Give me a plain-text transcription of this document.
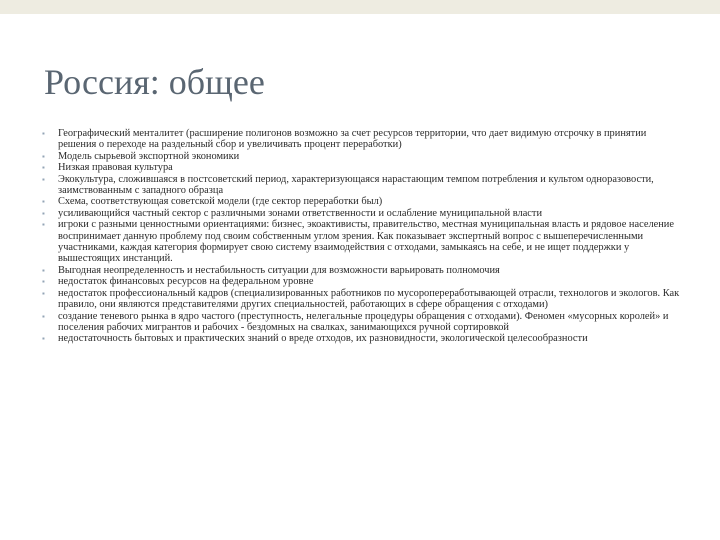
Россия: общее
▪	Географический менталитет (расширение полигонов возможно за счет ресурсов территории, что дает видимую отсрочку в принятии решения о переходе на раздельный сбор и увеличивать процент переработки)
▪	Модель сырьевой экспортной экономики
▪	Низкая правовая культура
▪	Экокультура, сложившаяся в постсоветский период, характеризующаяся нарастающим темпом потребления и культом одноразовости, заимствованным с западного образца
▪	Схема, соответствующая советской модели (где сектор переработки был)
▪	усиливающийся частный сектор с различными зонами ответственности и ослабление муниципальной власти
▪	игроки с разными ценностными ориентациями: бизнес, экоактивисты, правительство, местная муниципальная власть и рядовое население воспринимает данную проблему под своим собственным углом зрения. Как показывает экспертный вопрос с вышеперечисленными участниками, каждая категория формирует свою систему взаимодействия с отходами, замыкаясь на себе, и не ищет поддержки у вышестоящих инстанций.
▪	Выгодная неопределенность и нестабильность ситуации для возможности варьировать полномочия
▪	недостаток финансовых ресурсов на федеральном уровне
▪	недостаток профессиональный кадров (специализированных работников по мусоропереработывающей отрасли, технологов и экологов. Как правило, они являются представителями других специальностей, работающих в сфере обращения с отходами)
▪	создание теневого рынка в ядро частого (преступность, нелегальные процедуры обращения с отходами). Феномен «мусорных королей» и поселения рабочих мигрантов и рабочих - бездомных на свалках, занимающихся ручной сортировкой
▪	недостаточность бытовых и практических знаний о вреде отходов, их разновидности, экологической целесообразности
